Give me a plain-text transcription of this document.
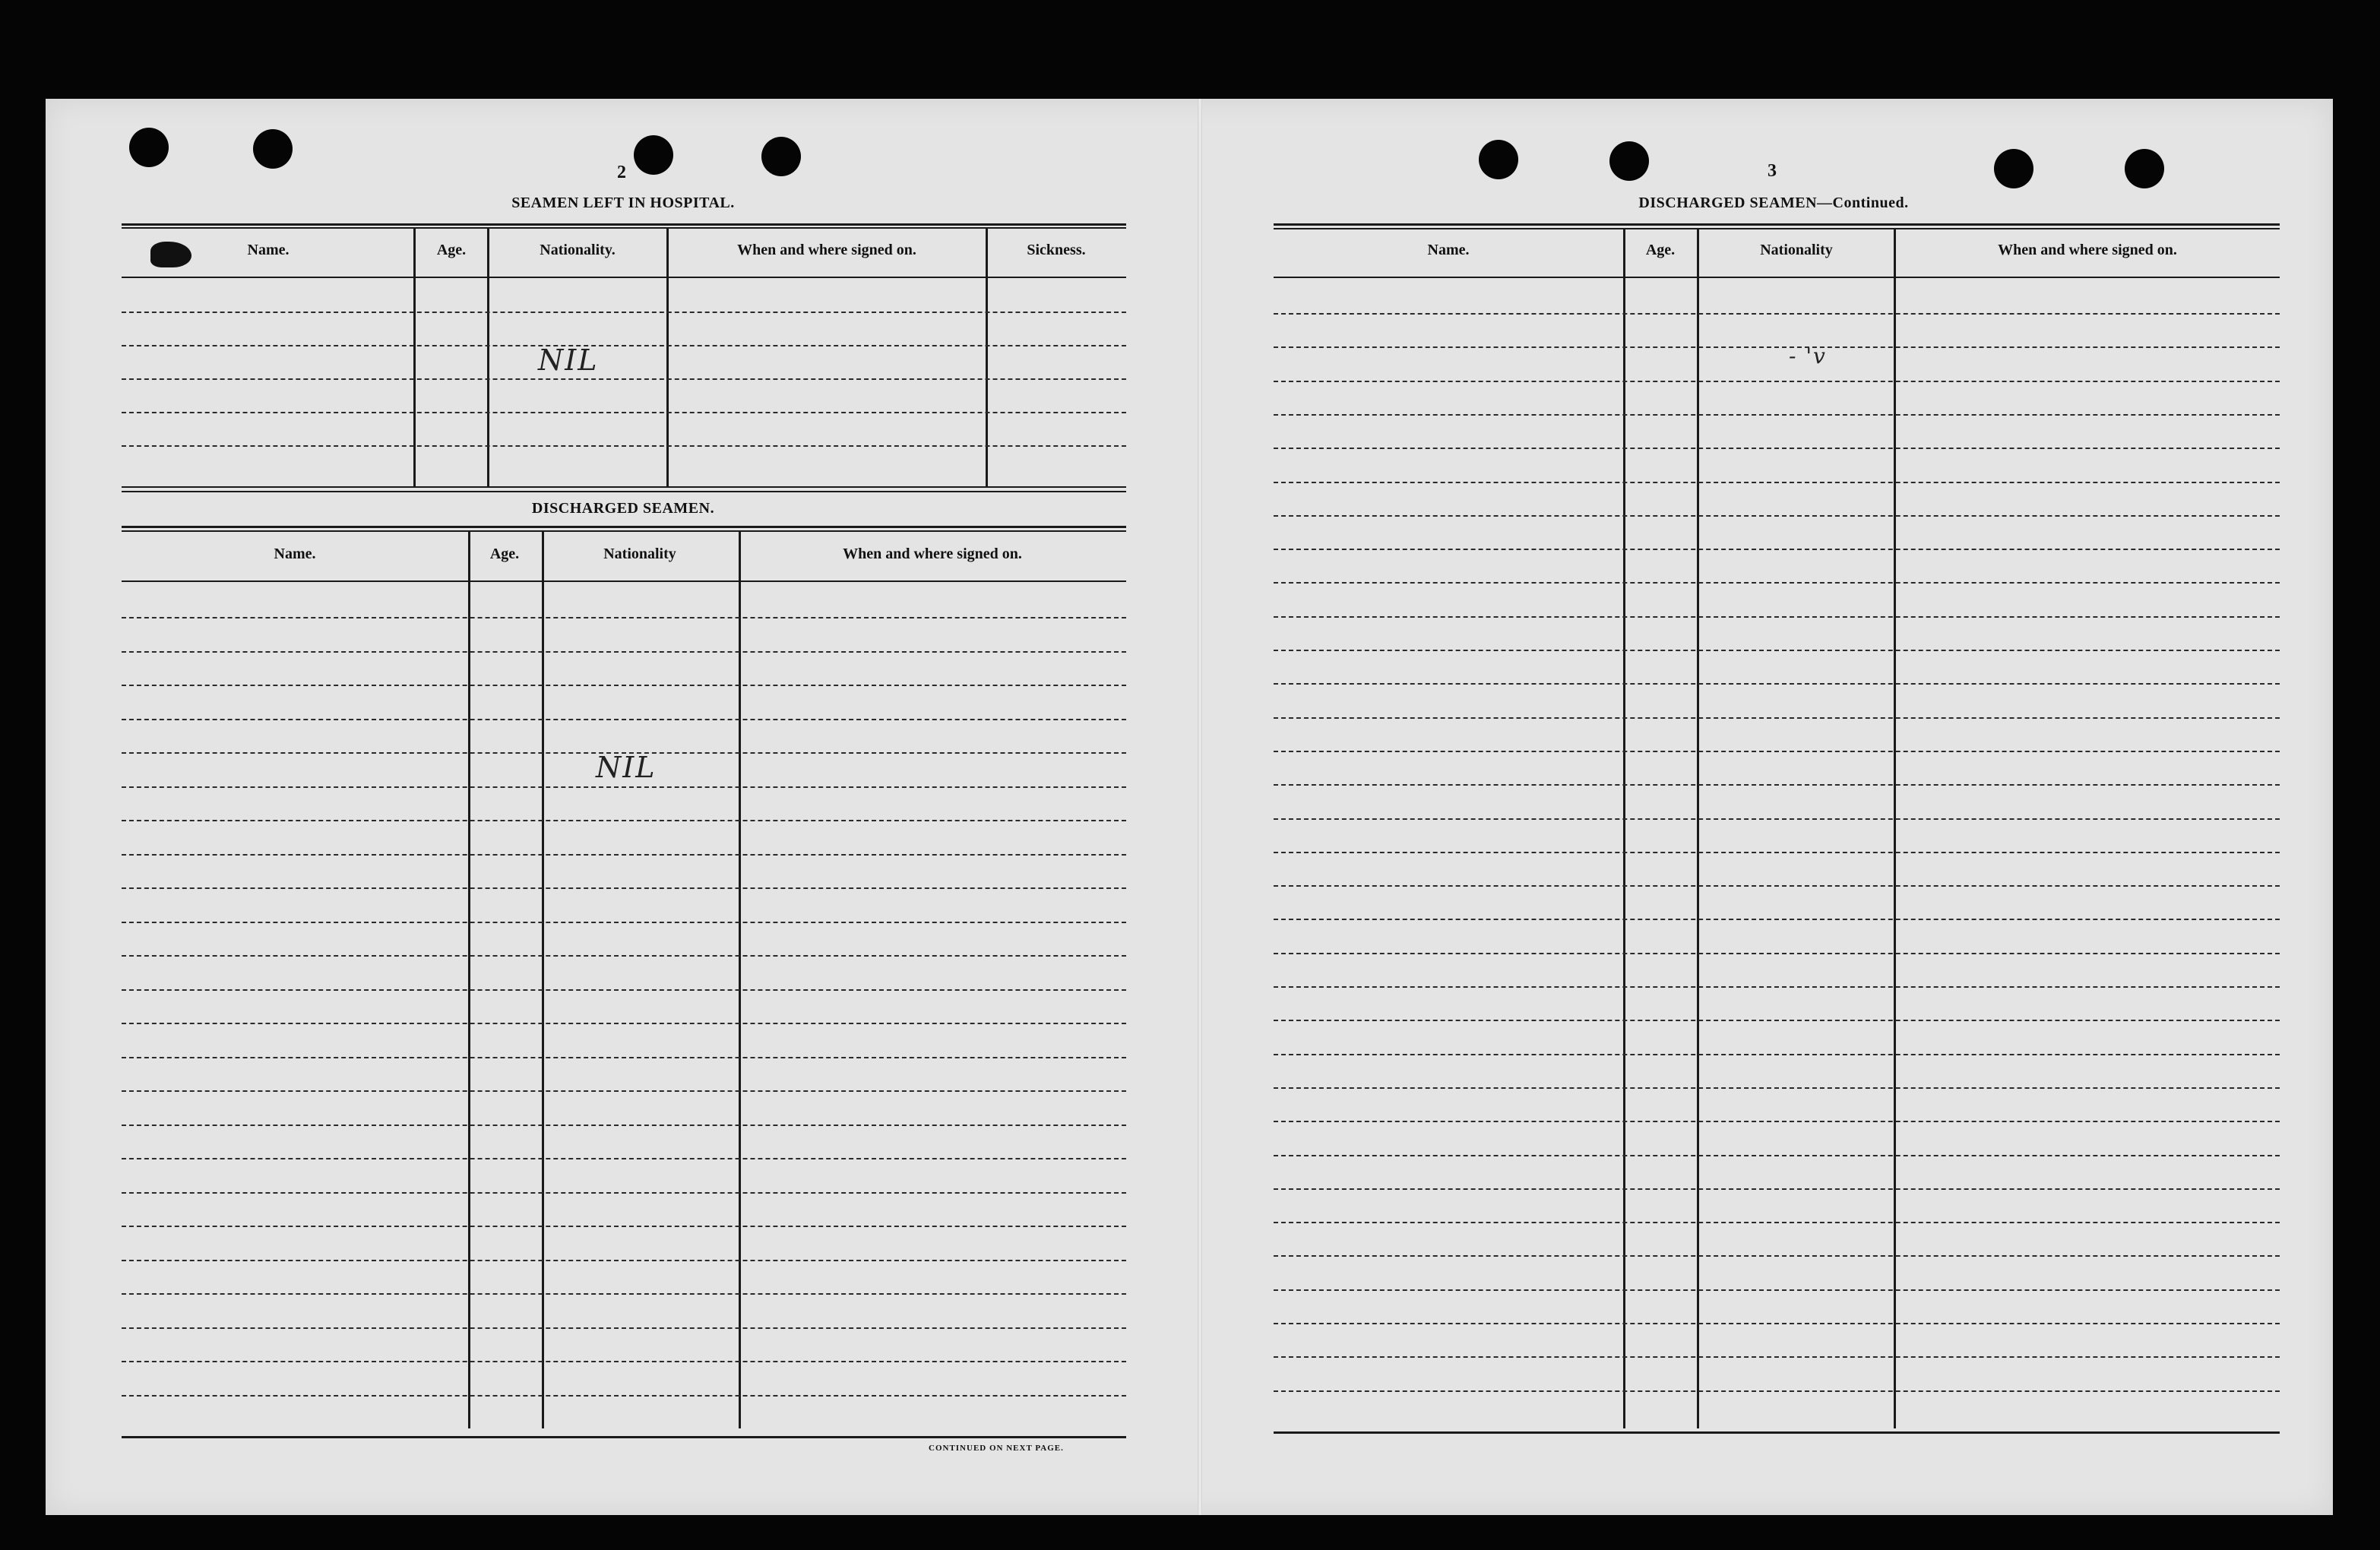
2
SEAMEN LEFT IN HOSPITAL.
Name.	Age.	Nationality.	When and where signed on.	Sickness.
NIL
DISCHARGED SEAMEN.
Name.	Age.	Nationality	When and where signed on.
NIL
CONTINUED ON NEXT PAGE.
3
DISCHARGED SEAMEN—Continued.
Name.	Age.	Nationality	When and where signed on.
- 'v
